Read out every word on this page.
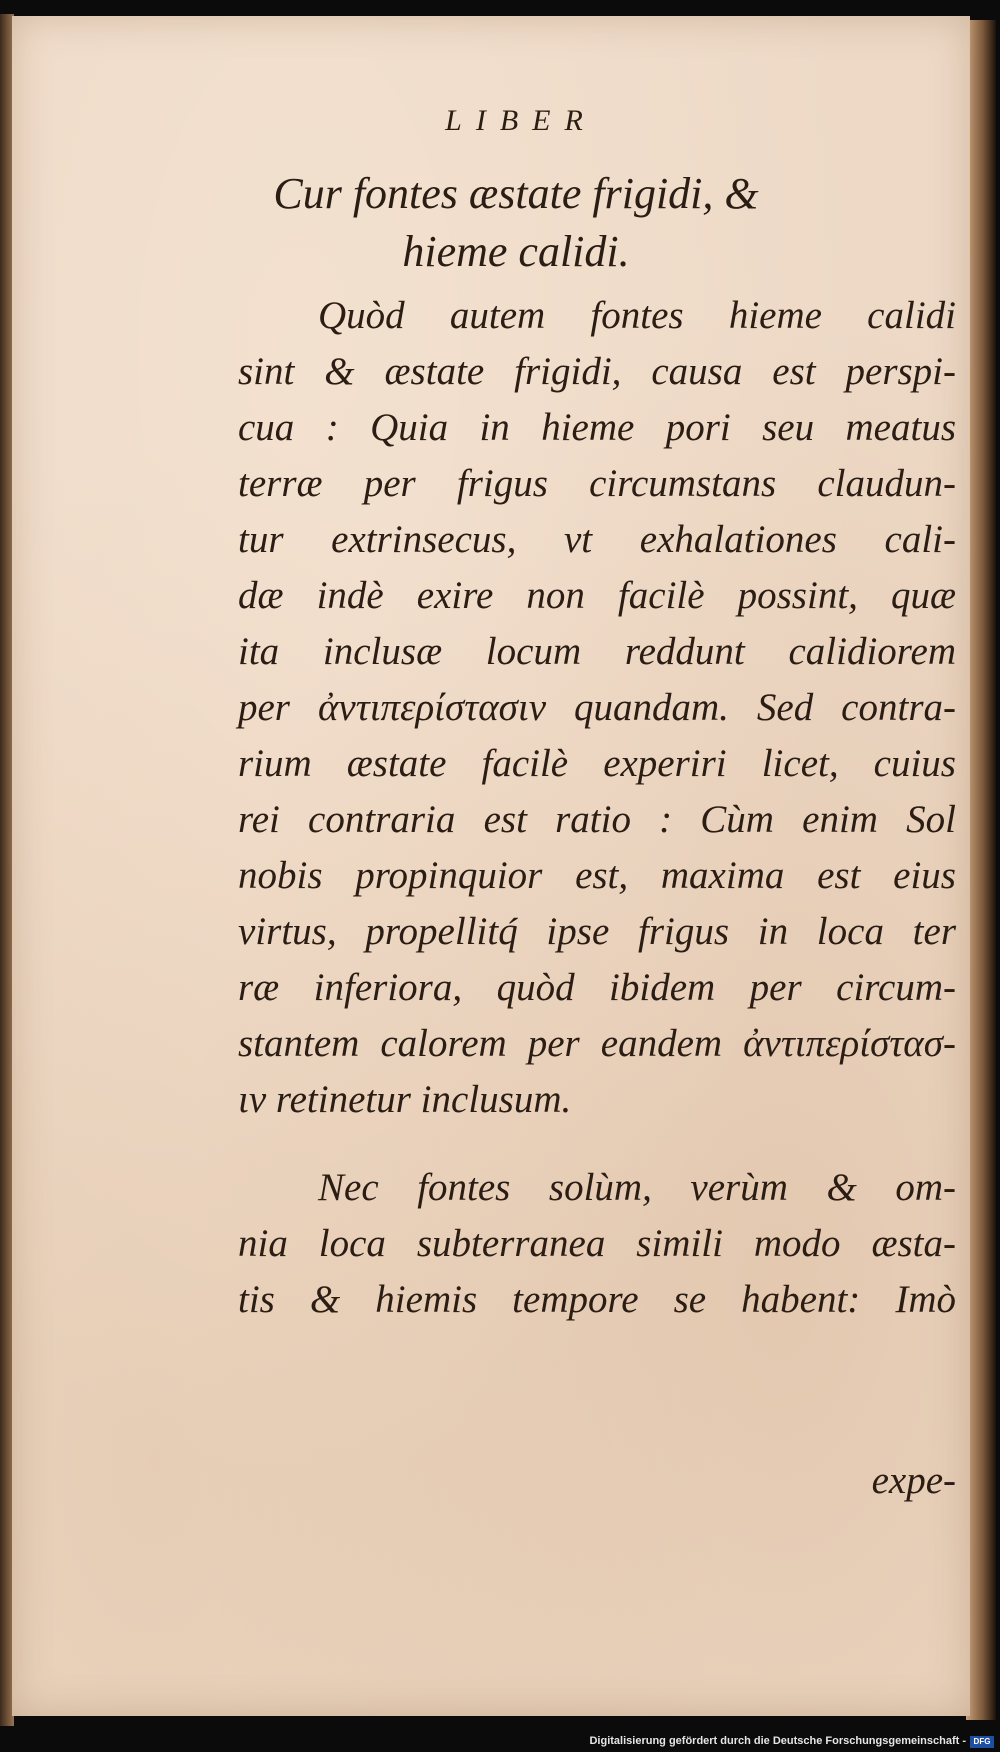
LIBER
Cur fontes æstate frigidi, &
hieme calidi.
Quòd autem fontes hieme calidi
sint & æstate frigidi, causa est perspi-
cua : Quia in hieme pori seu meatus
terræ per frigus circumstans claudun-
tur extrinsecus, vt exhalationes cali-
dæ indè exire non facilè possint, quæ
ita inclusæ locum reddunt calidiorem
per ἀντιπερίστασιν quandam. Sed contra-
rium æstate facilè experiri licet, cuius
rei contraria est ratio : Cùm enim Sol
nobis propinquior est, maxima est eius
virtus, propellitq́ ipse frigus in loca ter
ræ inferiora, quòd ibidem per circum-
stantem calorem per eandem ἀντιπερίστασ-
ιν retinetur inclusum.
Nec fontes solùm, verùm & om-
nia loca subterranea simili modo æsta-
tis & hiemis tempore se habent: Imò
expe-
Digitalisierung gefördert durch die Deutsche Forschungsgemeinschaft - DFG
